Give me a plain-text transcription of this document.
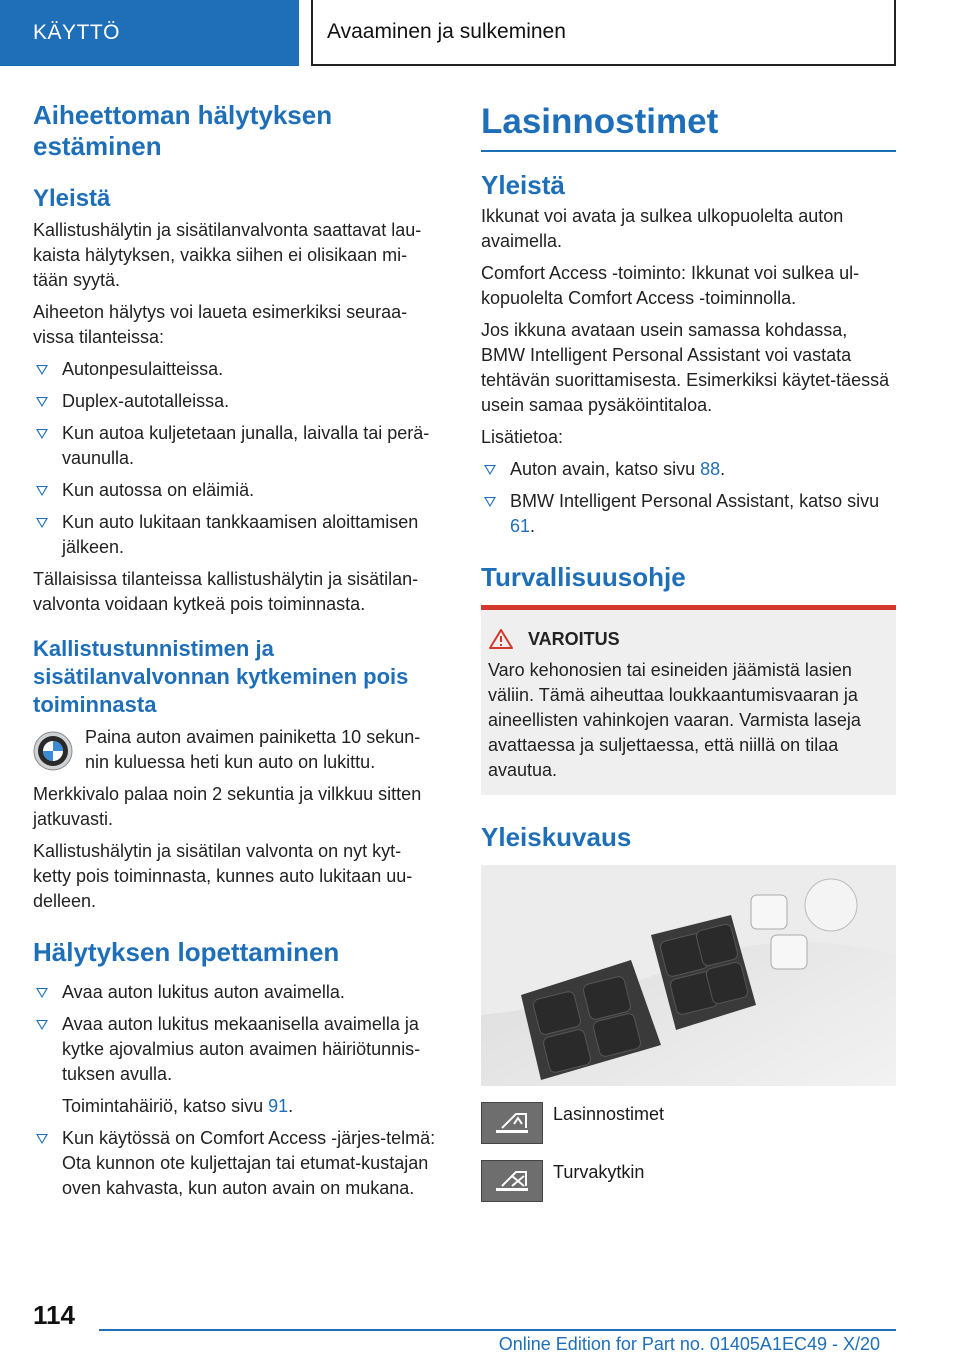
KÄYTTÖ	Avaaminen ja sulkeminen
Aiheettoman hälytyksen estäminen
Yleistä

Kallistushälytin ja sisätilanvalvonta saattavat lau-kaista hälytyksen, vaikka siihen ei olisikaan mi-tään syytä.

Aiheeton hälytys voi laueta esimerkiksi seuraa-vissa tilanteissa:

Autonpesulaitteissa.
Duplex-autotalleissa.
Kun autoa kuljetetaan junalla, laivalla tai perä-vaunulla.
Kun autossa on eläimiä.
Kun auto lukitaan tankkaamisen aloittamisen jälkeen.

Tällaisissa tilanteissa kallistushälytin ja sisätilan-valvonta voidaan kytkeä pois toiminnasta.

Kallistustunnistimen ja sisätilanvalvonnan kytkeminen pois toiminnasta

Paina auton avaimen painiketta 10 sekun-nin kuluessa heti kun auto on lukittu.

Merkkivalo palaa noin 2 sekuntia ja vilkkuu sitten jatkuvasti.

Kallistushälytin ja sisätilan valvonta on nyt kyt-ketty pois toiminnasta, kunnes auto lukitaan uu-delleen.

Hälytyksen lopettaminen
Avaa auton lukitus auton avaimella.
Avaa auton lukitus mekaanisella avaimella ja kytke ajovalmius auton avaimen häiriötunnis-tuksen avulla.
Toimintahäiriö, katso sivu 91.
Kun käytössä on Comfort Access -järjes-telmä: Ota kunnon ote kuljettajan tai etumat-kustajan oven kahvasta, kun auton avain on mukana.
Lasinnostimet
Yleistä

Ikkunat voi avata ja sulkea ulkopuolelta auton avaimella.

Comfort Access -toiminto: Ikkunat voi sulkea ul-kopuolelta Comfort Access -toiminnolla.

Jos ikkuna avataan usein samassa kohdassa, BMW Intelligent Personal Assistant voi vastata tehtävän suorittamisesta. Esimerkiksi käytet-täessä usein samaa pysäköintitaloa.

Lisätietoa:

Auton avain, katso sivu 88.
BMW Intelligent Personal Assistant, katso sivu 61.
Turvallisuusohje
VAROITUS

Varo kehonosien tai esineiden jäämistä lasien väliin. Tämä aiheuttaa loukkaantumisvaaran ja aineellisten vahinkojen vaaran. Varmista laseja avattaessa ja suljettaessa, että niillä on tilaa avautua.

Yleiskuvaus
Lasinnostimet
Turvakytkin
114
Online Edition for Part no. 01405A1EC49 - X/20
